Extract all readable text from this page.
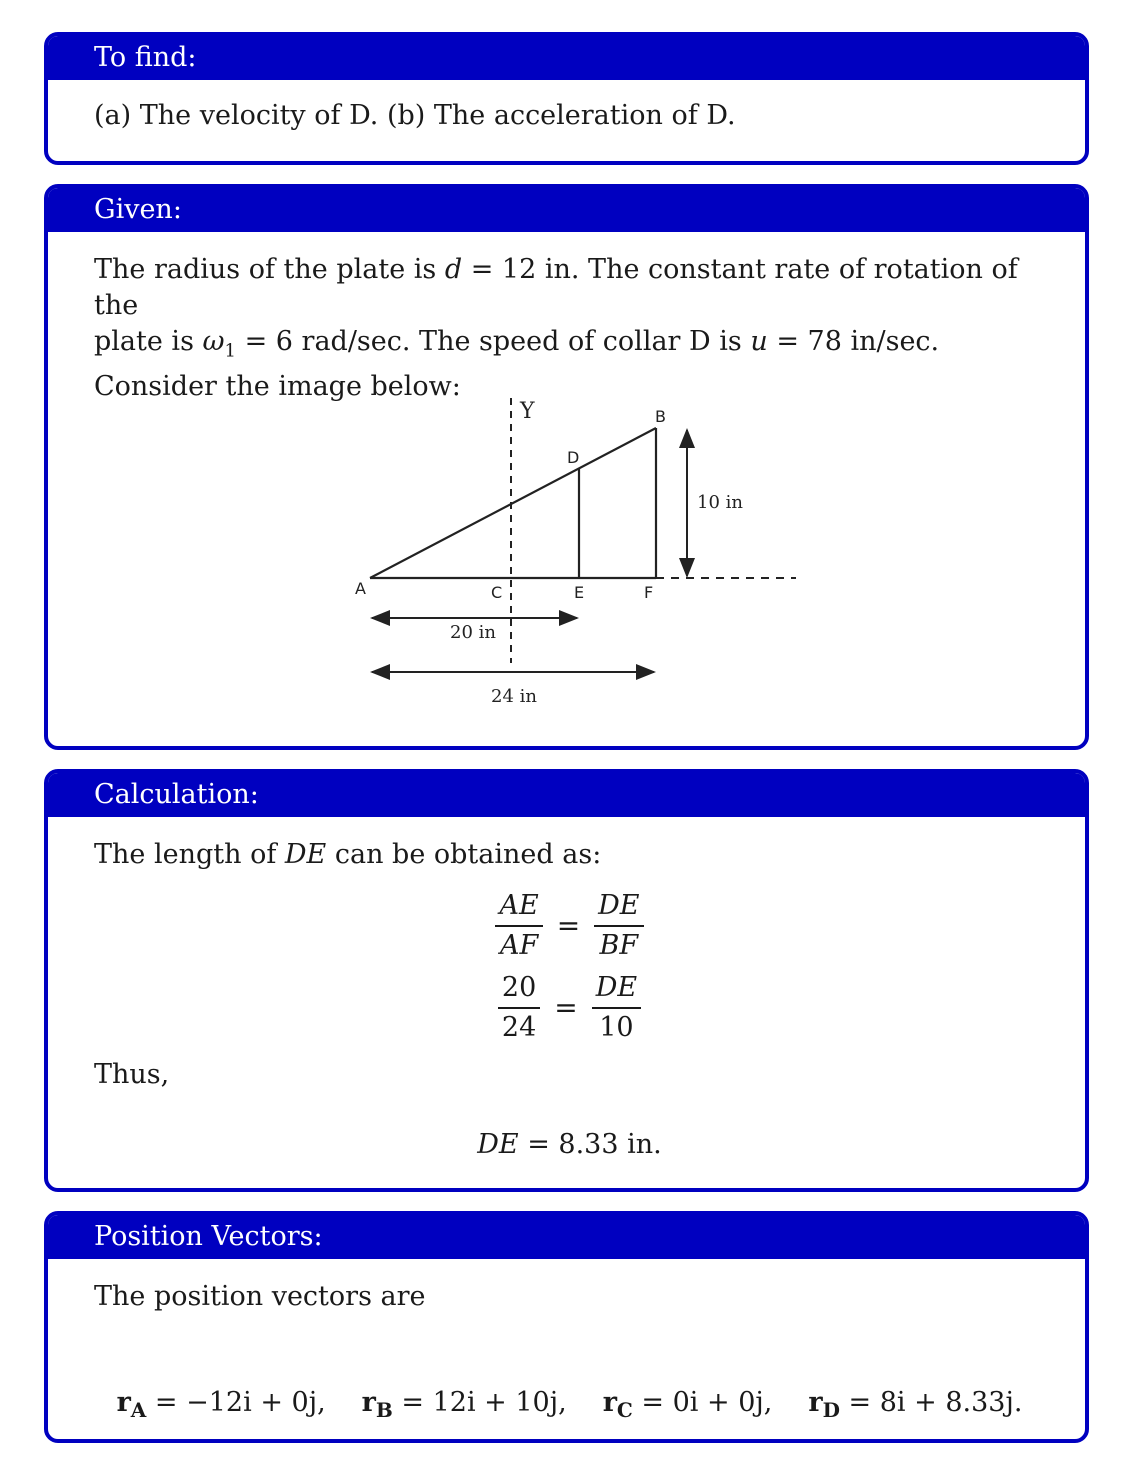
To find:
(a) The velocity of D. (b) The acceleration of D.
Given:
The radius of the plate is d = 12 in. The constant rate of rotation of the
plate is $\omega_1 = 6$ rad/sec. The speed of collar D is u = 78 in/sec.
Consider the image below:
Y
A
B
C
D
E	F
20 in
24 in
10 in
Calculation:
The length of DE can be obtained as:
$\frac{AE}{AF} = \frac{DE}{BF}$
$\frac{20}{24} = \frac{DE}{10}$
Thus,
DE = 8.33 in.
Position Vectors:
The position vectors are
$r_A = -12i + 0j$, $r_B = 12i + 10j$, $r_C = 0i + 0j$, $r_D = 8i + 8.33j$.
